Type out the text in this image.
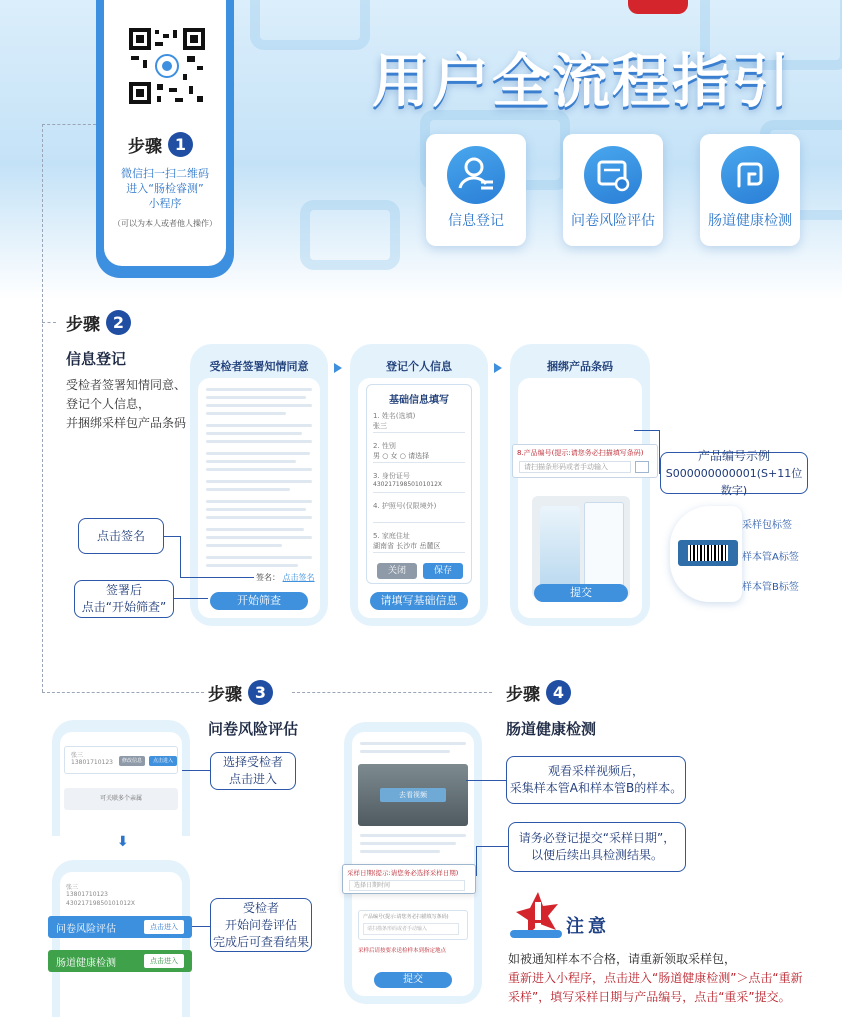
用户全流程指引
信息登记	问卷风险评估	肠道健康检测
步骤 1
微信扫一扫二维码
进入“肠检睿测”
小程序
（可以为本人或者他人操作）
步骤 2
信息登记
受检者签署知情同意、
登记个人信息，
并捆绑采样包产品条码
受检者签署知情同意
签名： 点击签名
开始筛查
登记个人信息
基础信息填写
1. 姓名(选填)
张三
2. 性别
男 ○ 女 ○ 请选择
3. 身份证号
43021719850101012X
4. 护照号(仅限境外)
5. 家庭住址
湖南省 长沙市 岳麓区
关闭	保存
请填写基础信息
捆绑产品条码
8.产品编号(提示:请您务必扫描填写条码)
请扫描条形码或者手动输入
提交
产品编号示例
S000000000001(S+11位数字)
采样包标签
样本管A标签
样本管B标签
点击签名
签署后
点击“开始筛查”
步骤 3
问卷风险评估
张三
13801710123	修改信息	点击进入
可关联多个亲属
⬇
张三
13801710123
43021719850101012X
问卷风险评估	点击进入
肠道健康检测	点击进入
选择受检者
点击进入
受检者
开始问卷评估
完成后可查看结果
步骤 4
肠道健康检测
去看视频
产品编号(提示:请您务必扫描填写条码)
请扫描条形码或者手动输入
采样后请按要求送检样本到指定地点
提交
采样日期(提示:请您务必选择采样日期)
选择日期时间
观看采样视频后，
采集样本管A和样本管B的样本。
请务必登记提交“采样日期”，
以便后续出具检测结果。
注意
如被通知样本不合格，请重新领取采样包，
重新进入小程序，点击进入“肠道健康检测”＞点击“重新
采样”，填写采样日期与产品编号，点击“重采”提交。
